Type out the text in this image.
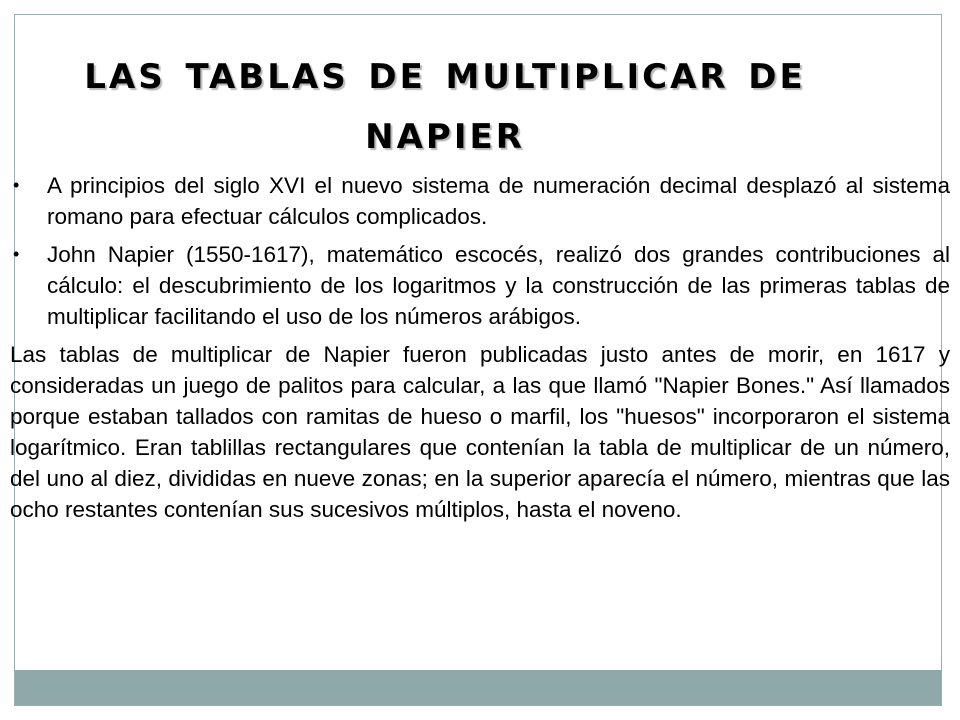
las tablas de multiplicar de napier
• A principios del siglo XVI el nuevo sistema de numeración decimal desplazó al sistema romano para efectuar cálculos complicados.
• John Napier (1550-1617), matemático escocés, realizó dos grandes contribuciones al cálculo: el descubrimiento de los logaritmos y la construcción de las primeras tablas de multiplicar facilitando el uso de los números arábigos.

Las tablas de multiplicar de Napier fueron publicadas justo antes de morir, en 1617 y consideradas un juego de palitos para calcular, a las que llamó "Napier Bones." Así llamados porque estaban tallados con ramitas de hueso o marfil, los "huesos" incorporaron el sistema logarítmico. Eran tablillas rectangulares que contenían la tabla de multiplicar de un número, del uno al diez, divididas en nueve zonas; en la superior aparecía el número, mientras que las ocho restantes contenían sus sucesivos múltiplos, hasta el noveno.
